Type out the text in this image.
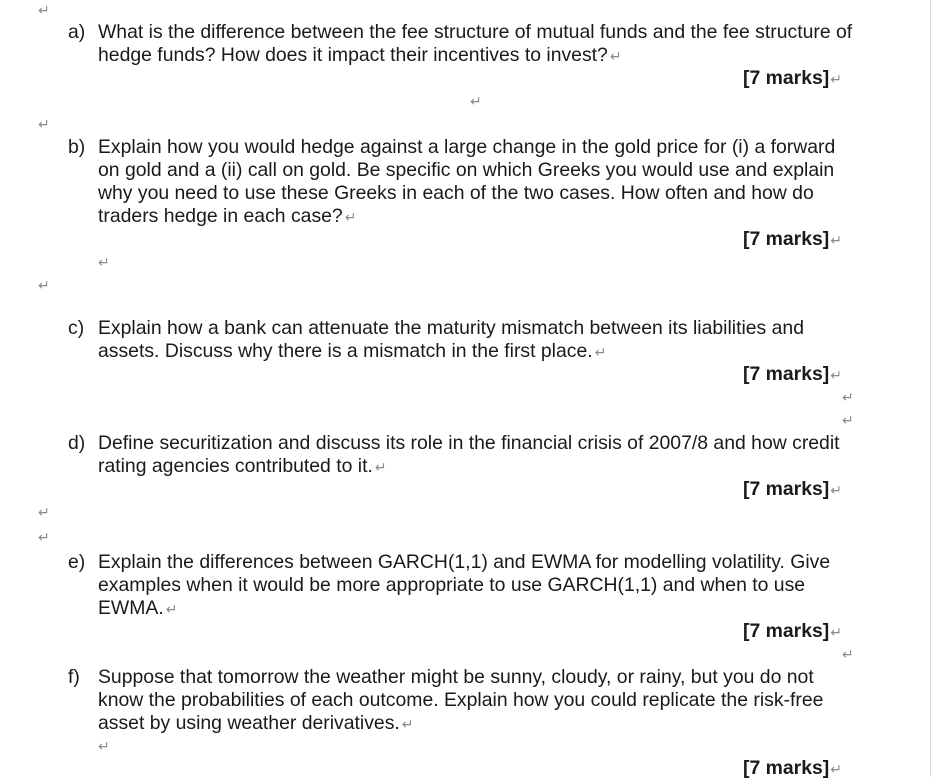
↵
↵
↵
↵
↵
↵
↵
↵
↵
↵
↵
a) What is the difference between the fee structure of mutual funds and the fee structure of hedge funds? How does it impact their incentives to invest? ↵
[7 marks]↵
b) Explain how you would hedge against a large change in the gold price for (i) a forward on gold and a (ii) call on gold. Be specific on which Greeks you would use and explain why you need to use these Greeks in each of the two cases. How often and how do traders hedge in each case? ↵
[7 marks]↵
c) Explain how a bank can attenuate the maturity mismatch between its liabilities and assets. Discuss why there is a mismatch in the first place. ↵
[7 marks]↵
d) Define securitization and discuss its role in the financial crisis of 2007/8 and how credit rating agencies contributed to it. ↵
[7 marks]↵
e) Explain the differences between GARCH(1,1) and EWMA for modelling volatility. Give examples when it would be more appropriate to use GARCH(1,1) and when to use EWMA. ↵
[7 marks]↵
f) Suppose that tomorrow the weather might be sunny, cloudy, or rainy, but you do not know the probabilities of each outcome. Explain how you could replicate the risk-free asset by using weather derivatives. ↵
[7 marks]↵
